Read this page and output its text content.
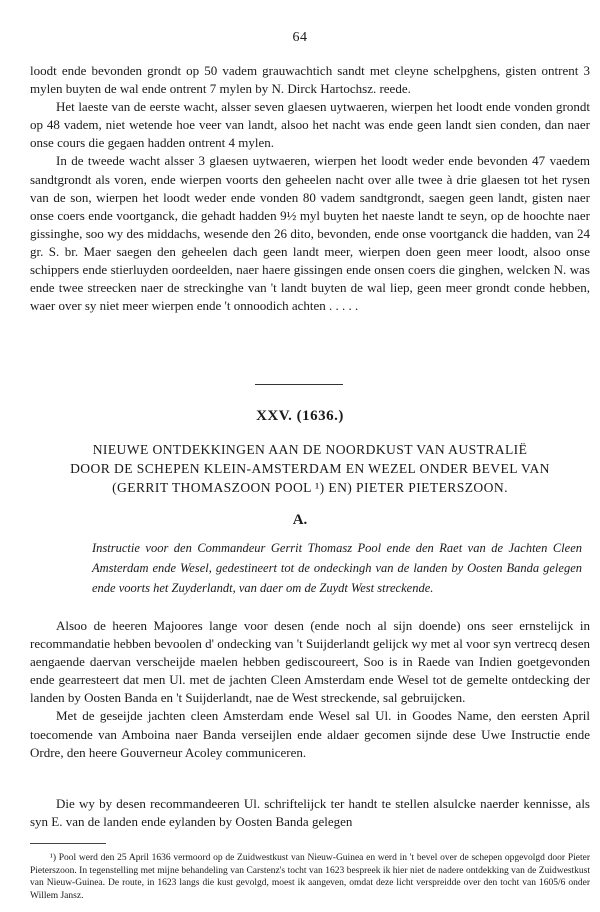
64

loodt ende bevonden grondt op 50 vadem grauwachtich sandt met cleyne schelpghens, gisten ontrent 3 mylen buyten de wal ende ontrent 7 mylen by N. Dirck Hartochsz. reede.

Het laeste van de eerste wacht, alsser seven glaesen uytwaeren, wierpen het loodt ende vonden grondt op 48 vadem, niet wetende hoe veer van landt, alsoo het nacht was ende geen landt sien conden, dan naer onse cours die gegaen hadden ontrent 4 mylen.

In de tweede wacht alsser 3 glaesen uytwaeren, wierpen het loodt weder ende bevonden 47 vaedem sandtgrondt als voren, ende wierpen voorts den geheelen nacht over alle twee à drie glaesen tot het rysen van de son, wierpen het loodt weder ende vonden 80 vadem sandtgrondt, saegen geen landt, gisten naer onse coers ende voortganck, die gehadt hadden 9½ myl buyten het naeste landt te seyn, op de hoochte naer gissinghe, soo wy des middachs, wesende den 26 dito, bevonden, ende onse voortganck die hadden, van 24 gr. S. br. Maer saegen den geheelen dach geen landt meer, wierpen doen geen meer loodt, alsoo onse schippers ende stierluyden oordeelden, naer haere gissingen ende onsen coers die ginghen, welcken N. was ende twee streecken naer de streckinghe van 't landt buyten de wal liep, geen meer grondt conde hebben, waer over sy niet meer wierpen ende 't onnoodich achten . . . . .

XXV. (1636.)
NIEUWE ONTDEKKINGEN AAN DE NOORDKUST VAN AUSTRALIË
DOOR DE SCHEPEN KLEIN-AMSTERDAM EN WEZEL ONDER BEVEL VAN
(GERRIT THOMASZOON POOL ¹) EN) PIETER PIETERSZOON.
A.
Instructie voor den Commandeur Gerrit Thomasz Pool ende den Raet van de Jachten Cleen Amsterdam ende Wesel, gedestineert tot de ondeckingh van de landen by Oosten Banda gelegen ende voorts het Zuyderlandt, van daer om de Zuydt West streckende.

Alsoo de heeren Majoores lange voor desen (ende noch al sijn doende) ons seer ernstelijck in recommandatie hebben bevoolen d' ondecking van 't Suijderlandt gelijck wy met al voor syn vertrecq desen aengaende daervan verscheijde maelen hebben gediscoureert, Soo is in Raede van Indien goetgevonden ende gearresteert dat men Ul. met de jachten Cleen Amsterdam ende Wesel tot de gemelte ontdecking der landen by Oosten Banda en 't Suijderlandt, nae de West streckende, sal gebruijcken.

Met de geseijde jachten cleen Amsterdam ende Wesel sal Ul. in Goodes Name, den eersten April toecomende van Amboina naer Banda verseijlen ende aldaer gecomen sijnde dese Uwe Instructie ende Ordre, den heere Gouverneur Acoley communiceren.

Die wy by desen recommandeeren Ul. schriftelijck ter handt te stellen alsulcke naerder kennisse, als syn E. van de landen ende eylanden by Oosten Banda gelegen

¹) Pool werd den 25 April 1636 vermoord op de Zuidwestkust van Nieuw-Guinea en werd in 't bevel over de schepen opgevolgd door Pieter Pieterszoon. In tegenstelling met mijne behandeling van Carstenz's tocht van 1623 bespreek ik hier niet de nadere ontdekking van de Zuidwestkust van Nieuw-Guinea. De route, in 1623 langs die kust gevolgd, moest ik aangeven, omdat deze licht verspreidde over den tocht van 1605/6 onder Willem Jansz.
